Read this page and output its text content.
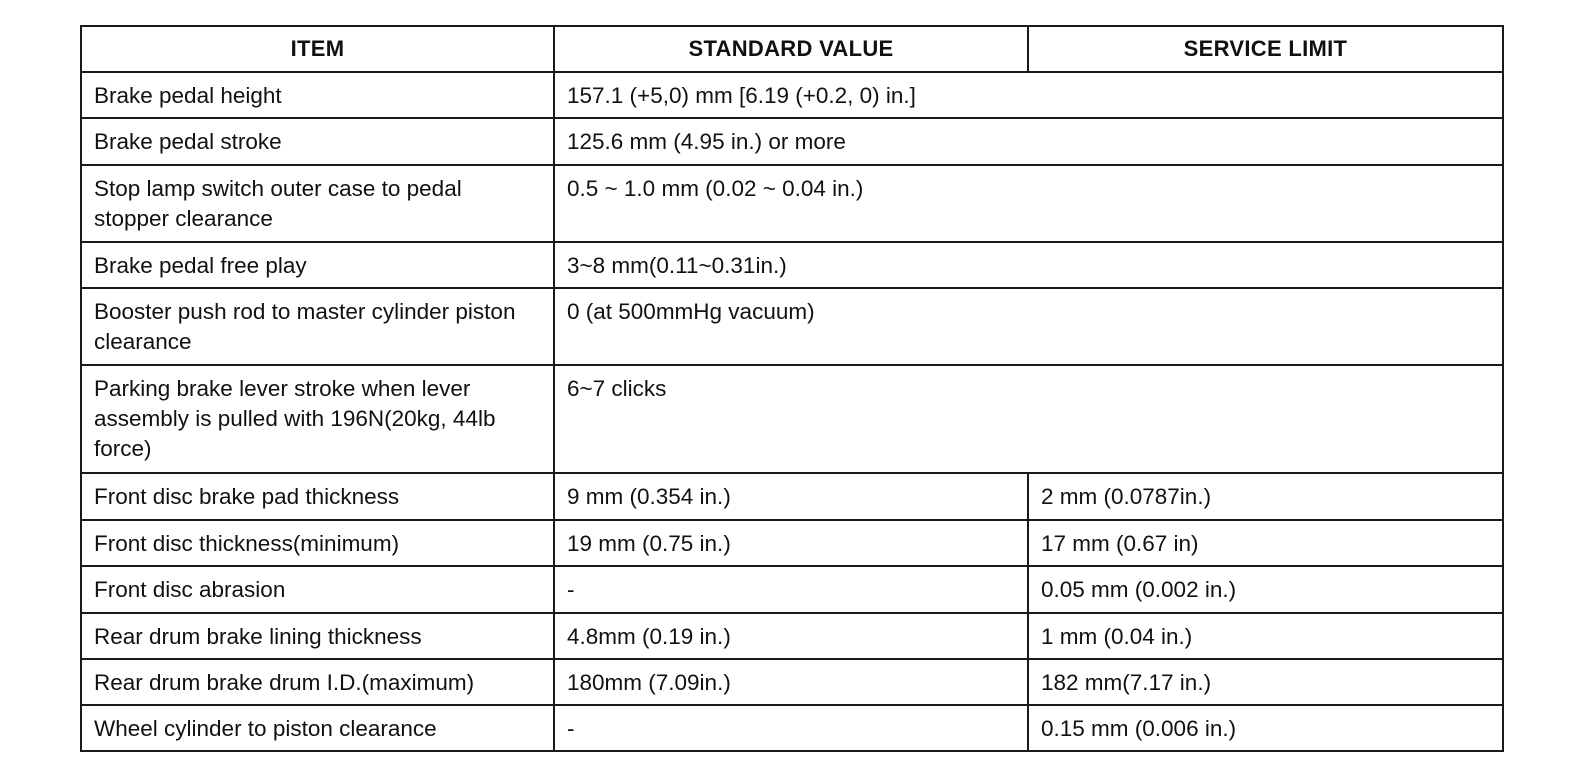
ITEM	STANDARD VALUE	SERVICE LIMIT
Brake pedal height	157.1 (+5,0) mm [6.19 (+0.2, 0) in.]	
Brake pedal stroke	125.6 mm (4.95 in.) or more	
Stop lamp switch outer case to pedal stopper clearance	0.5 ~ 1.0 mm (0.02 ~ 0.04 in.)	
Brake pedal free play	3~8 mm(0.11~0.31in.)	
Booster push rod to master cylinder piston clearance	0 (at 500mmHg vacuum)	
Parking brake lever stroke when lever assembly is pulled with 196N(20kg, 44lb force)	6~7 clicks	
Front disc brake pad thickness	9 mm (0.354 in.)	2 mm (0.0787in.)
Front disc thickness(minimum)	19 mm (0.75 in.)	17 mm (0.67 in)
Front disc abrasion	-	0.05 mm (0.002 in.)
Rear drum brake lining thickness	4.8mm (0.19 in.)	1 mm (0.04 in.)
Rear drum brake drum I.D.(maximum)	180mm (7.09in.)	182 mm(7.17 in.)
Wheel cylinder to piston clearance	-	0.15 mm (0.006 in.)
